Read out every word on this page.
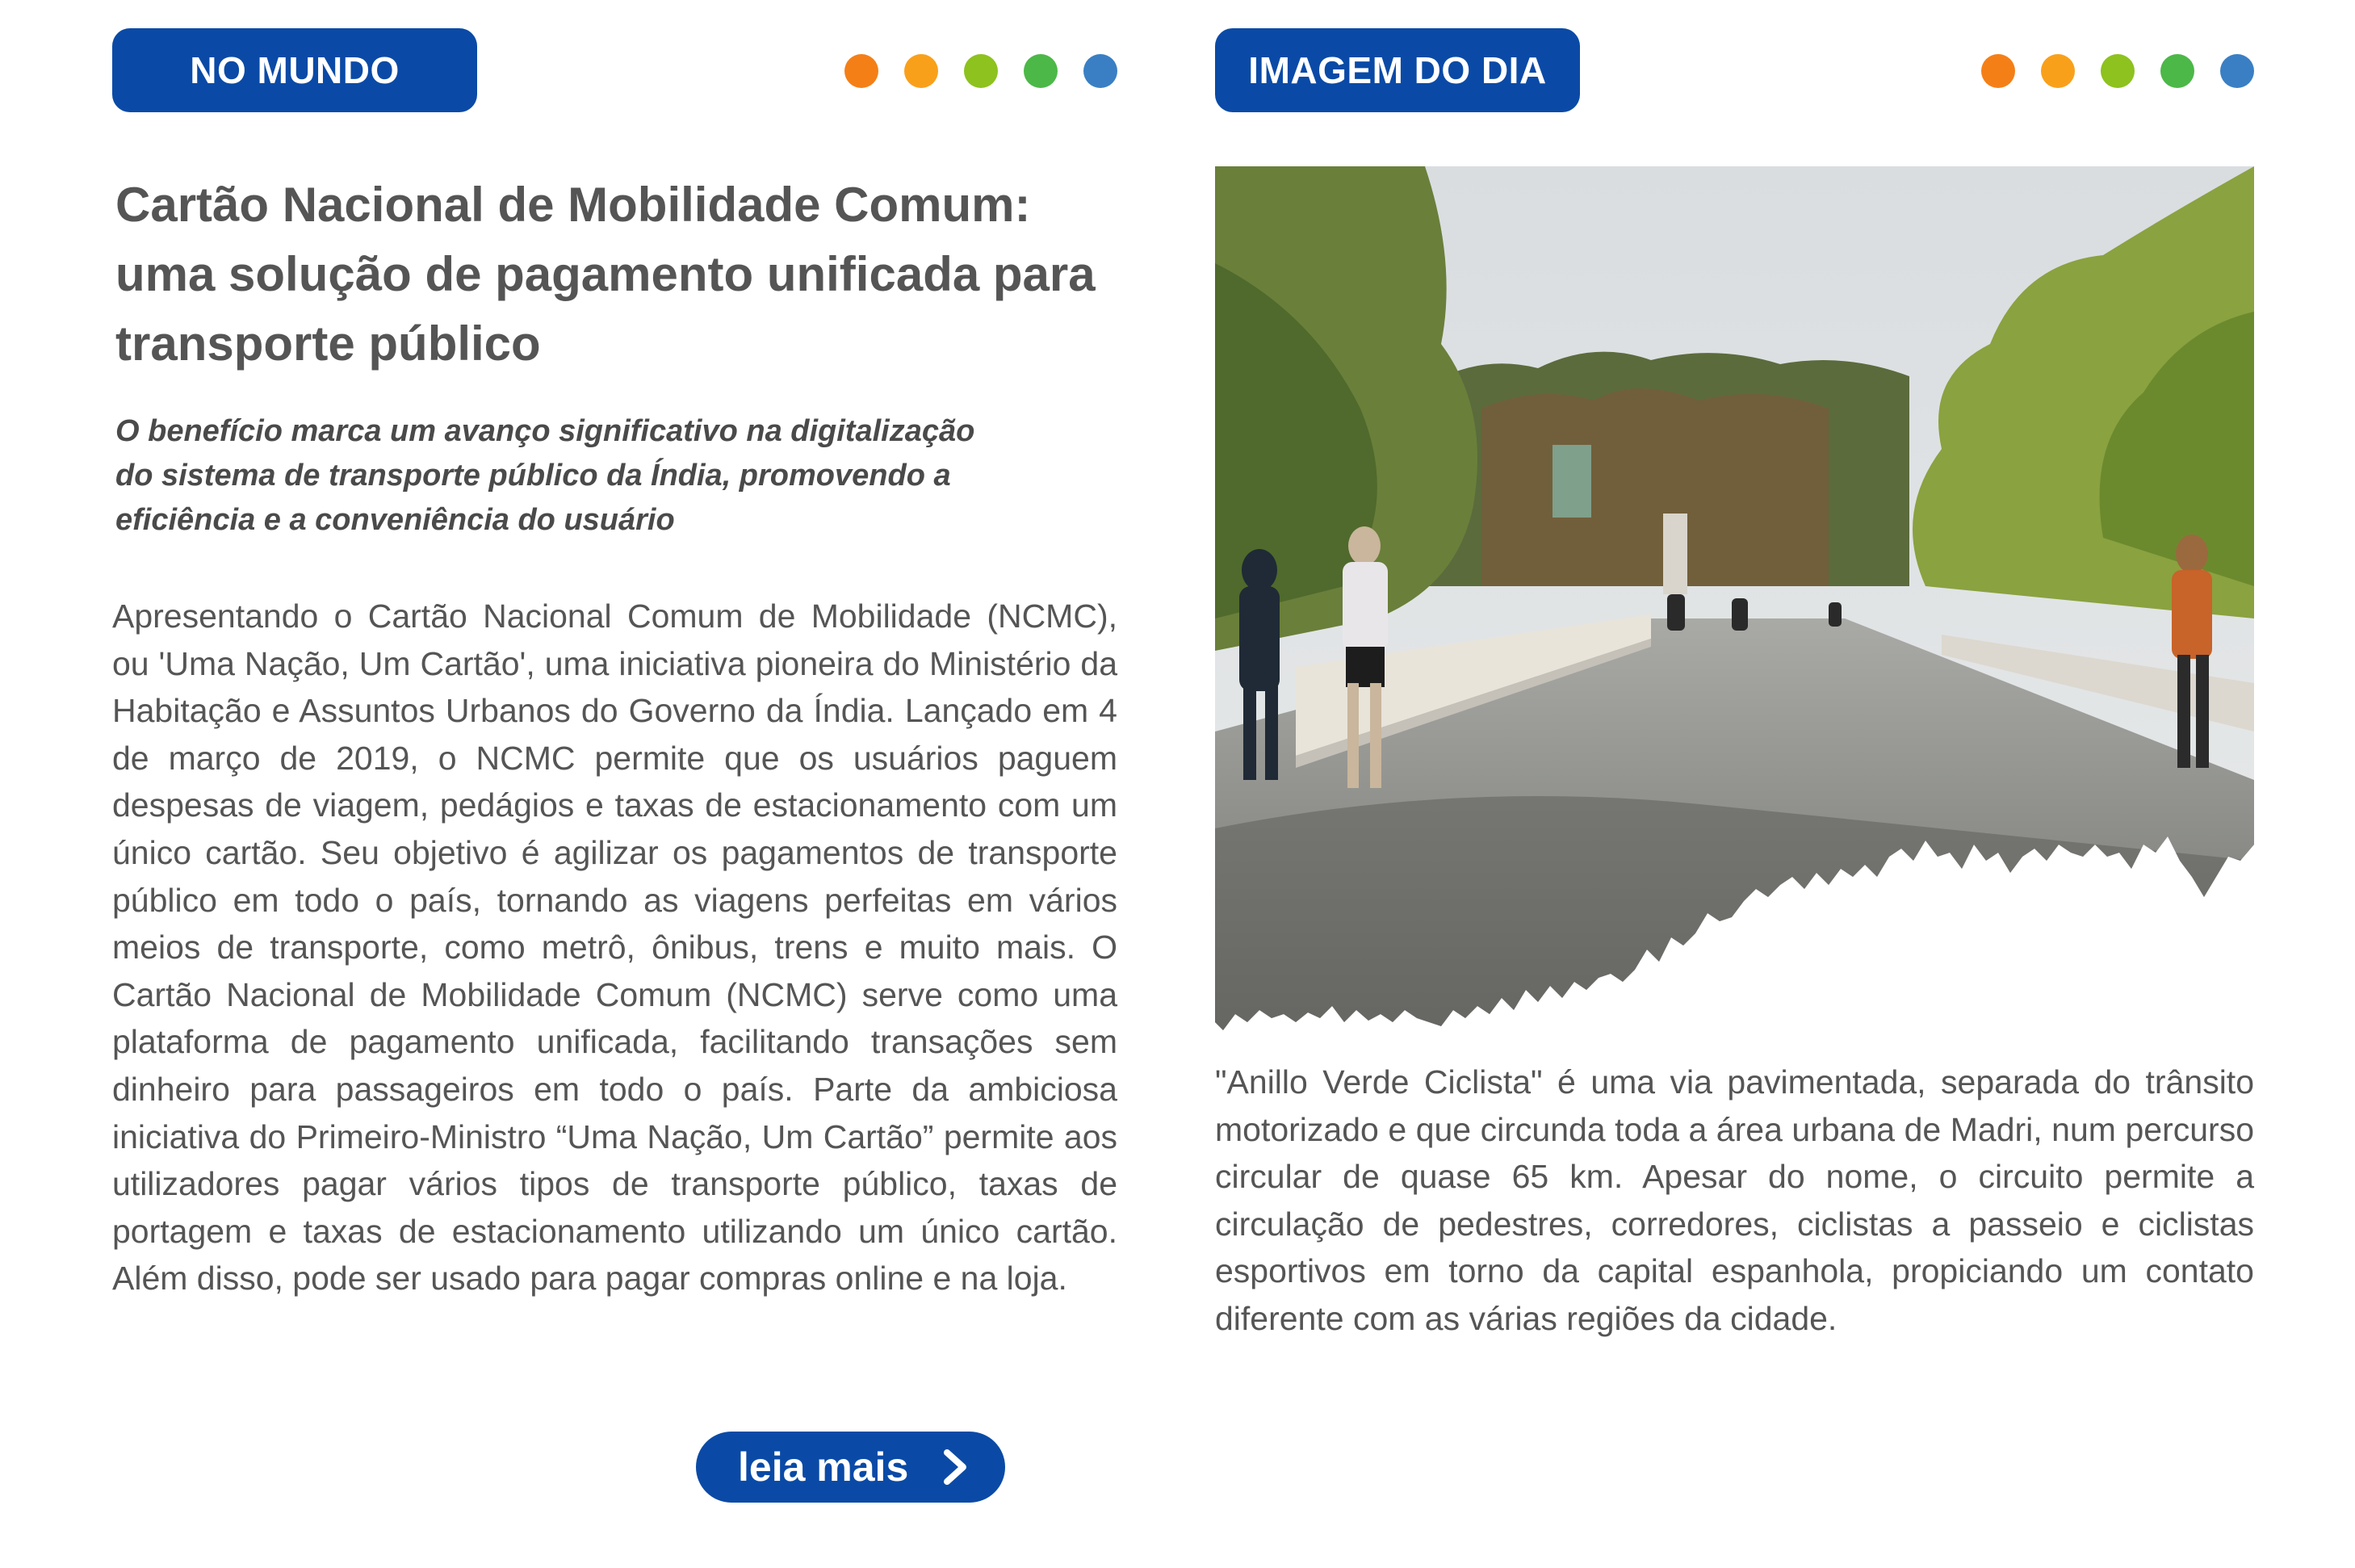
NO MUNDO
Cartão Nacional de Mobilidade Comum: uma solução de pagamento unificada para transporte público

O benefício marca um avanço significativo na digitalização do sistema de transporte público da Índia, promovendo a eficiência e a conveniência do usuário

Apresentando o Cartão Nacional Comum de Mobilidade (NCMC), ou 'Uma Nação, Um Cartão', uma iniciativa pioneira do Ministério da Habitação e Assuntos Urbanos do Governo da Índia. Lançado em 4 de março de 2019, o NCMC permite que os usuários paguem despesas de viagem, pedágios e taxas de estacionamento com um único cartão. Seu objetivo é agilizar os pagamentos de transporte público em todo o país, tornando as viagens perfeitas em vários meios de transporte, como metrô, ônibus, trens e muito mais. O Cartão Nacional de Mobilidade Comum (NCMC) serve como uma plataforma de pagamento unificada, facilitando transações sem dinheiro para passageiros em todo o país. Parte da ambiciosa iniciativa do Primeiro-Ministro “Uma Nação, Um Cartão” permite aos utilizadores pagar vários tipos de transporte público, taxas de portagem e taxas de estacionamento utilizando um único cartão. Além disso, pode ser usado para pagar compras online e na loja.

leia mais
IMAGEM DO DIA

"Anillo Verde Ciclista" é uma via pavimentada, separada do trânsito motorizado e que circunda toda a área urbana de Madri, num percurso circular de quase 65 km. Apesar do nome, o circuito permite a circulação de pedestres, corredores, ciclistas a passeio e ciclistas esportivos em torno da capital espanhola, propiciando um contato diferente com as várias regiões da cidade.
